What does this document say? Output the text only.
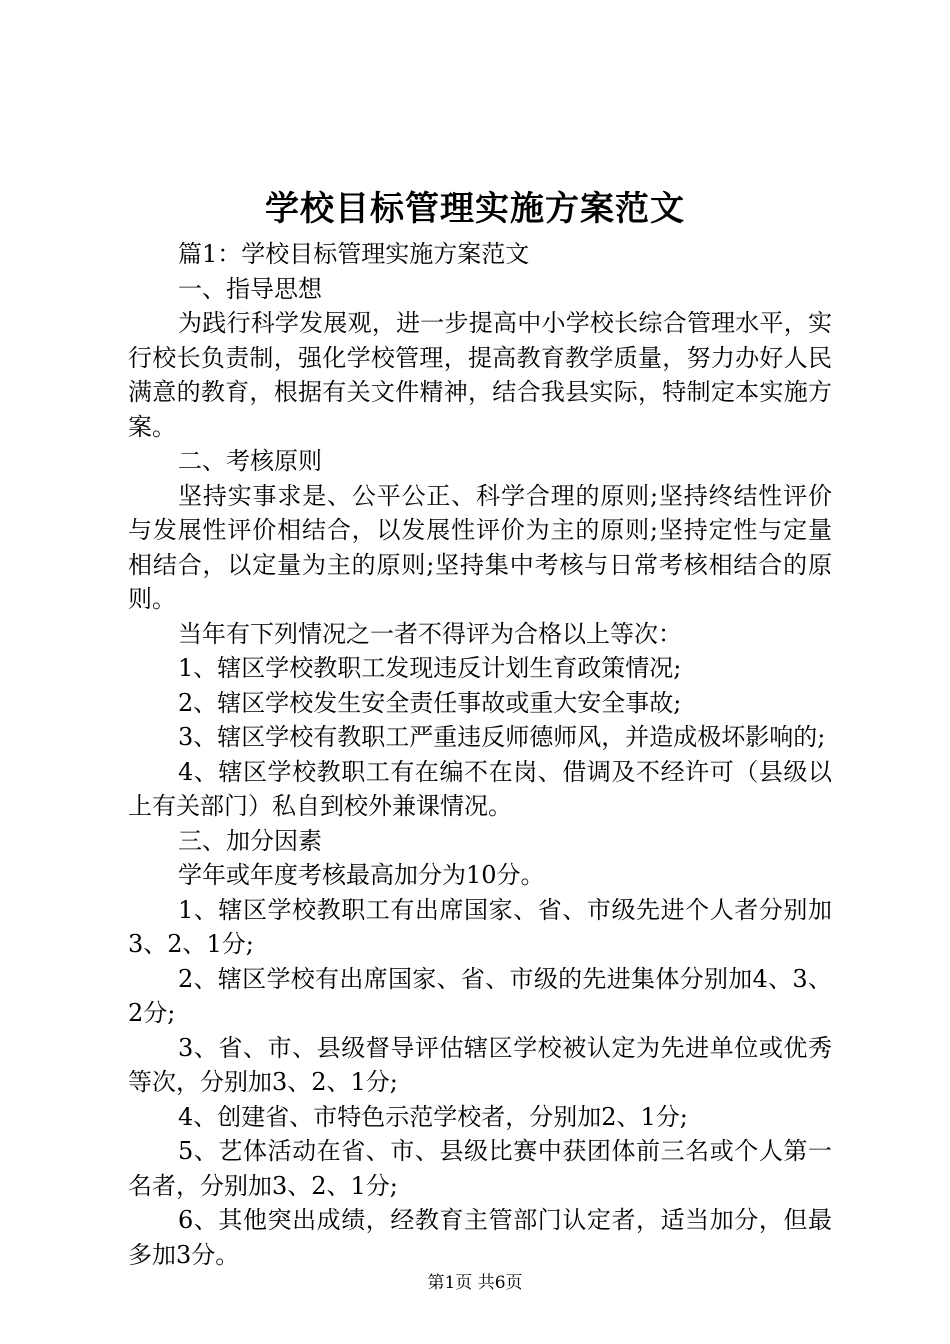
学校目标管理实施方案范文
篇1：学校目标管理实施方案范文
一、指导思想
为践行科学发展观，进一步提高中小学校长综合管理水平，实行校长负责制，强化学校管理，提高教育教学质量，努力办好人民满意的教育，根据有关文件精神，结合我县实际，特制定本实施方案。
二、考核原则
坚持实事求是、公平公正、科学合理的原则;坚持终结性评价与发展性评价相结合，以发展性评价为主的原则;坚持定性与定量相结合，以定量为主的原则;坚持集中考核与日常考核相结合的原则。
当年有下列情况之一者不得评为合格以上等次：
1、辖区学校教职工发现违反计划生育政策情况;
2、辖区学校发生安全责任事故或重大安全事故;
3、辖区学校有教职工严重违反师德师风，并造成极坏影响的;
4、辖区学校教职工有在编不在岗、借调及不经许可（县级以上有关部门）私自到校外兼课情况。
三、加分因素
学年或年度考核最高加分为10分。
1、辖区学校教职工有出席国家、省、市级先进个人者分别加3、2、1分;
2、辖区学校有出席国家、省、市级的先进集体分别加4、3、2分;
3、省、市、县级督导评估辖区学校被认定为先进单位或优秀等次，分别加3、2、1分;
4、创建省、市特色示范学校者，分别加2、1分;
5、艺体活动在省、市、县级比赛中获团体前三名或个人第一名者，分别加3、2、1分;
6、其他突出成绩，经教育主管部门认定者，适当加分，但最多加3分。
第1页 共6页
